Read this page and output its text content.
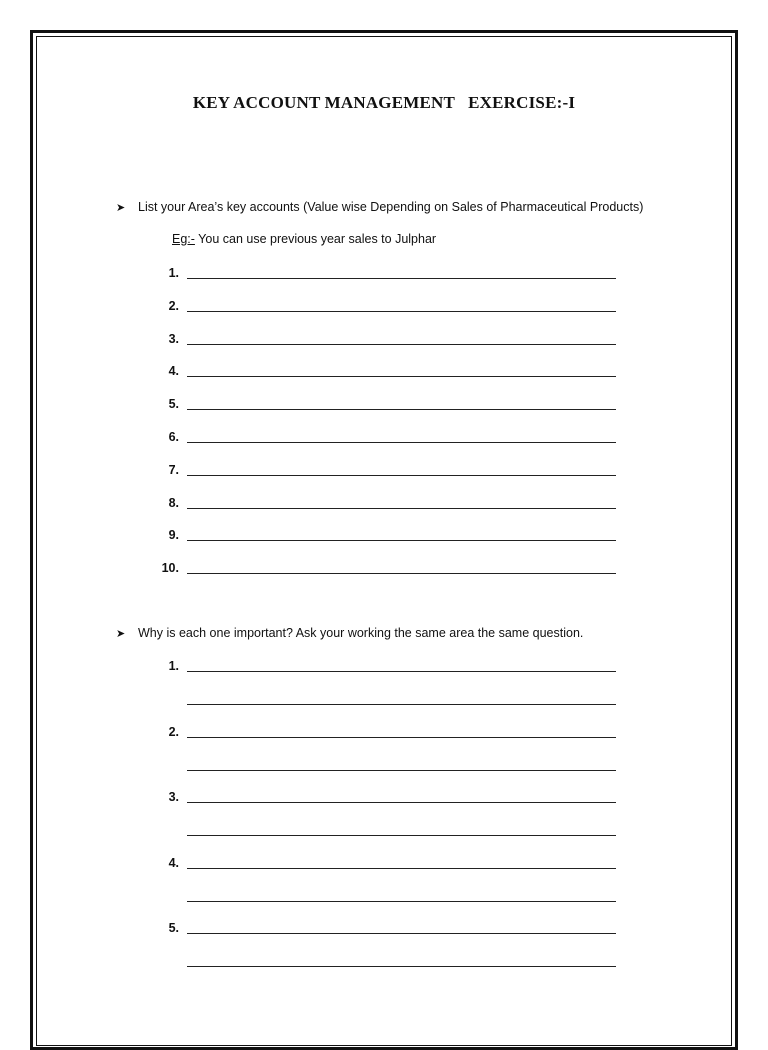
KEY ACCOUNT MANAGEMENT   EXERCISE:-I
➤ List your Area’s key accounts (Value wise Depending on Sales of Pharmaceutical Products)
Eg:- You can use previous year sales to Julphar
1.
2.
3.
4.
5.
6.
7.
8.
9.
10.
➤ Why is each one important? Ask your working the same area the same question.
1.
2.
3.
4.
5.
